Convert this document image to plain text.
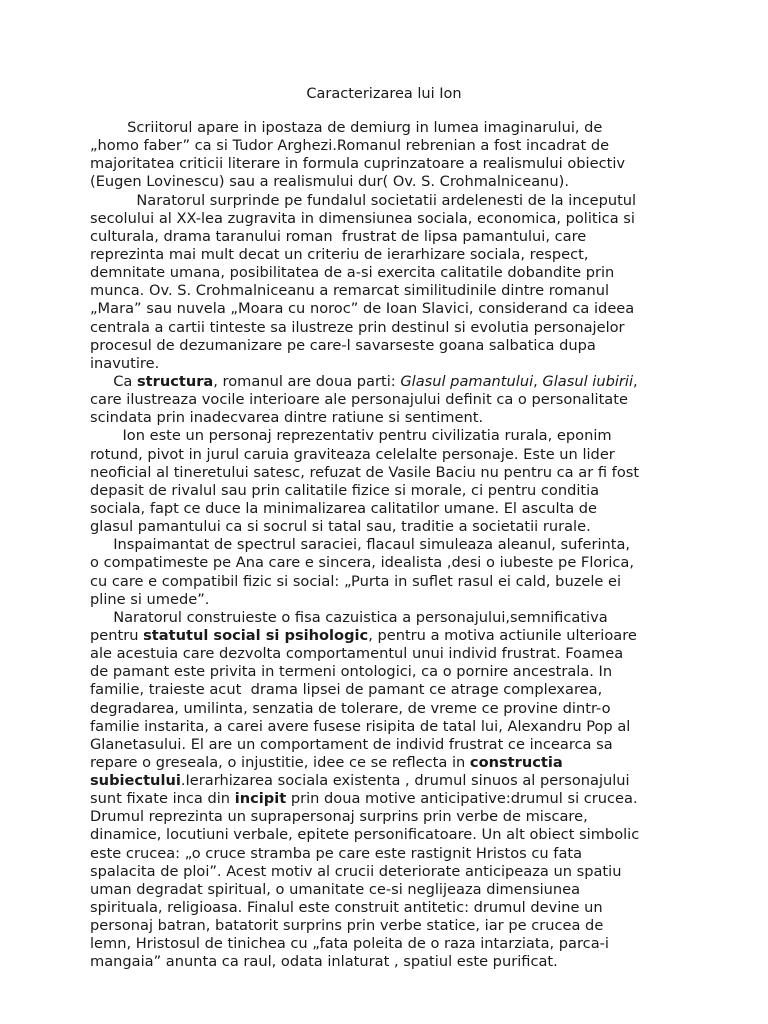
Caracterizarea lui Ion
Scriitorul apare in ipostaza de demiurg in lumea imaginarului, de
„homo faber” ca si Tudor Arghezi.Romanul rebrenian a fost incadrat de
majoritatea criticii literare in formula cuprinzatoare a realismului obiectiv
(Eugen Lovinescu) sau a realismului dur( Ov. S. Crohmalniceanu).
Naratorul surprinde pe fundalul societatii ardelenesti de la inceputul
secolului al XX-lea zugravita in dimensiunea sociala, economica, politica si
culturala, drama taranului roman  frustrat de lipsa pamantului, care
reprezinta mai mult decat un criteriu de ierarhizare sociala, respect,
demnitate umana, posibilitatea de a-si exercita calitatile dobandite prin
munca. Ov. S. Crohmalniceanu a remarcat similitudinile dintre romanul
„Mara” sau nuvela „Moara cu noroc” de Ioan Slavici, considerand ca ideea
centrala a cartii tinteste sa ilustreze prin destinul si evolutia personajelor
procesul de dezumanizare pe care-l savarseste goana salbatica dupa
inavutire.
Ca structura, romanul are doua parti: Glasul pamantului, Glasul iubirii,
care ilustreaza vocile interioare ale personajului definit ca o personalitate
scindata prin inadecvarea dintre ratiune si sentiment.
Ion este un personaj reprezentativ pentru civilizatia rurala, eponim
rotund, pivot in jurul caruia graviteaza celelalte personaje. Este un lider
neoficial al tineretului satesc, refuzat de Vasile Baciu nu pentru ca ar fi fost
depasit de rivalul sau prin calitatile fizice si morale, ci pentru conditia
sociala, fapt ce duce la minimalizarea calitatilor umane. El asculta de
glasul pamantului ca si socrul si tatal sau, traditie a societatii rurale.
Inspaimantat de spectrul saraciei, flacaul simuleaza aleanul, suferinta,
o compatimeste pe Ana care e sincera, idealista ,desi o iubeste pe Florica,
cu care e compatibil fizic si social: „Purta in suflet rasul ei cald, buzele ei
pline si umede”.
Naratorul construieste o fisa cazuistica a personajului,semnificativa
pentru statutul social si psihologic, pentru a motiva actiunile ulterioare
ale acestuia care dezvolta comportamentul unui individ frustrat. Foamea
de pamant este privita in termeni ontologici, ca o pornire ancestrala. In
familie, traieste acut  drama lipsei de pamant ce atrage complexarea,
degradarea, umilinta, senzatia de tolerare, de vreme ce provine dintr-o
familie instarita, a carei avere fusese risipita de tatal lui, Alexandru Pop al
Glanetasului. El are un comportament de individ frustrat ce incearca sa
repare o greseala, o injustitie, idee ce se reflecta in constructia
subiectului.Ierarhizarea sociala existenta , drumul sinuos al personajului
sunt fixate inca din incipit prin doua motive anticipative:drumul si crucea.
Drumul reprezinta un suprapersonaj surprins prin verbe de miscare,
dinamice, locutiuni verbale, epitete personificatoare. Un alt obiect simbolic
este crucea: „o cruce stramba pe care este rastignit Hristos cu fata
spalacita de ploi”. Acest motiv al crucii deteriorate anticipeaza un spatiu
uman degradat spiritual, o umanitate ce-si neglijeaza dimensiunea
spirituala, religioasa. Finalul este construit antitetic: drumul devine un
personaj batran, batatorit surprins prin verbe statice, iar pe crucea de
lemn, Hristosul de tinichea cu „fata poleita de o raza intarziata, parca-i
mangaia” anunta ca raul, odata inlaturat , spatiul este purificat.
